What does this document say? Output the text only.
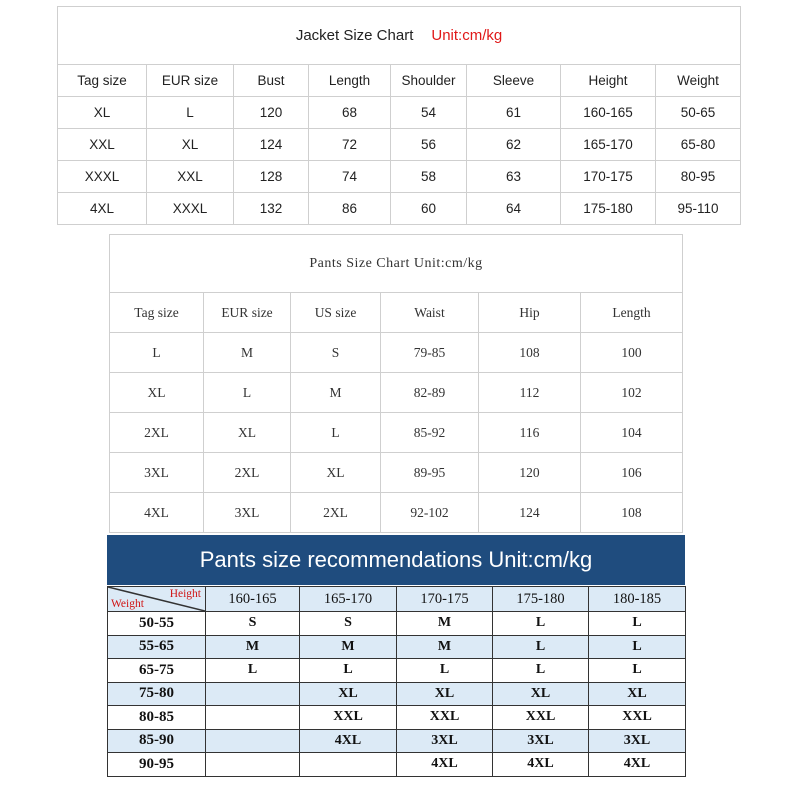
Jacket Size Chart Unit:cm/kg							
Tag size	EUR size	Bust	Length	Shoulder	Sleeve	Height	Weight
XL	L	120	68	54	61	160-165	50-65
XXL	XL	124	72	56	62	165-170	65-80
XXXL	XXL	128	74	58	63	170-175	80-95
4XL	XXXL	132	86	60	64	175-180	95-110
Pants Size Chart Unit:cm/kg					
Tag size	EUR size	US size	Waist	Hip	Length
L	M	S	79-85	108	100
XL	L	M	82-89	112	102
2XL	XL	L	85-92	116	104
3XL	2XL	XL	89-95	120	106
4XL	3XL	2XL	92-102	124	108
Pants size recommendations Unit:cm/kg
Height
Weight	160-165	165-170	170-175	175-180	180-185
50-55	S	S	M	L	L
55-65	M	M	M	L	L
65-75	L	L	L	L	L
75-80		XL	XL	XL	XL
80-85		XXL	XXL	XXL	XXL
85-90		4XL	3XL	3XL	3XL
90-95			4XL	4XL	4XL
